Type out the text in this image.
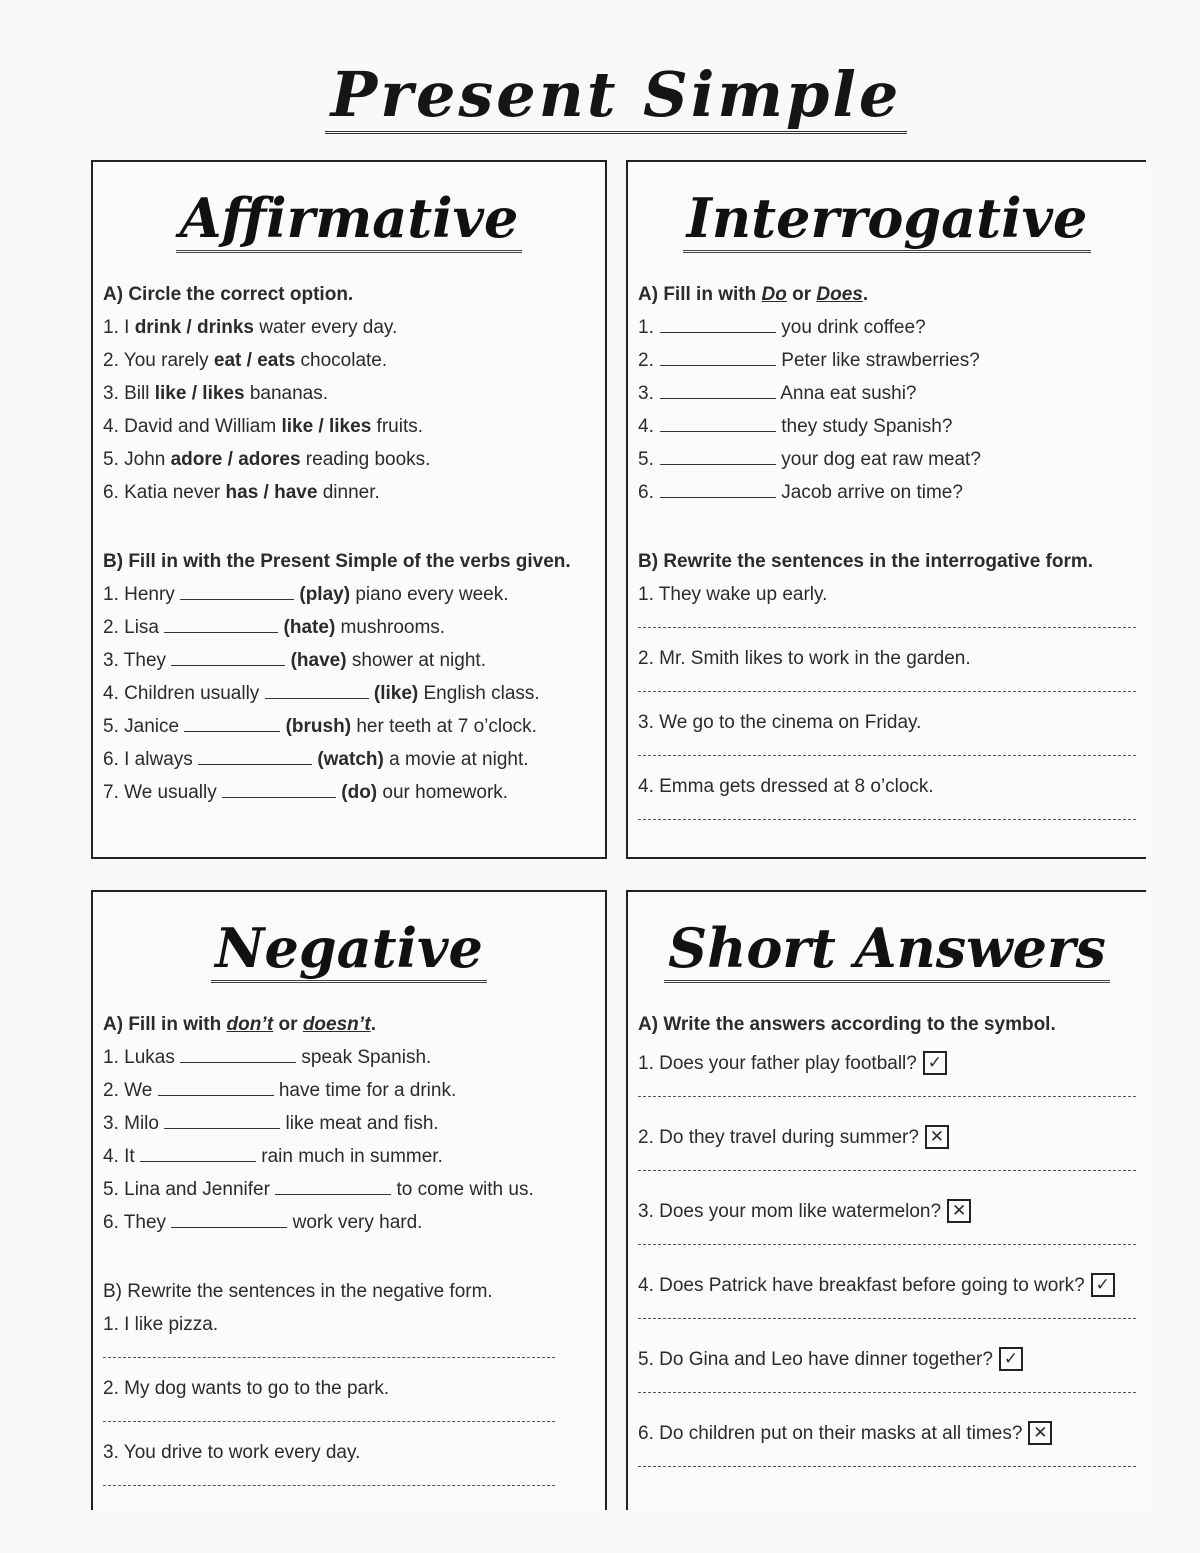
Present Simple
Affirmative
A) Circle the correct option.
1. I drink / drinks water every day.
2. You rarely eat / eats chocolate.
3. Bill like / likes bananas.
4. David and William like / likes fruits.
5. John adore / adores reading books.
6. Katia never has / have dinner.
B) Fill in with the Present Simple of the verbs given.
1. Henry	(play) piano every week.
2. Lisa	(hate) mushrooms.
3. They	(have) shower at night.
4. Children usually	(like) English class.
5. Janice	(brush) her teeth at 7 o’clock.
6. I always	(watch) a movie at night.
7. We usually	(do) our homework.
Interrogative
A) Fill in with Do or Does.
1.	you drink coffee?
2.	Peter like strawberries?
3.	Anna eat sushi?
4.	they study Spanish?
5.	your dog eat raw meat?
6.	Jacob arrive on time?
B) Rewrite the sentences in the interrogative form.
1. They wake up early.
2. Mr. Smith likes to work in the garden.
3. We go to the cinema on Friday.
4. Emma gets dressed at 8 o’clock.
Negative
A) Fill in with don’t or doesn’t.
1. Lukas	speak Spanish.
2. We	have time for a drink.
3. Milo	like meat and fish.
4. It	rain much in summer.
5. Lina and Jennifer	to come with us.
6. They	work very hard.
B) Rewrite the sentences in the negative form.
1. I like pizza.
2. My dog wants to go to the park.
3. You drive to work every day.
Short Answers
A) Write the answers according to the symbol.
1. Does your father play football? ✓
2. Do they travel during summer? ✕
3. Does your mom like watermelon? ✕
4. Does Patrick have breakfast before going to work? ✓
5. Do Gina and Leo have dinner together? ✓
6. Do children put on their masks at all times? ✕
